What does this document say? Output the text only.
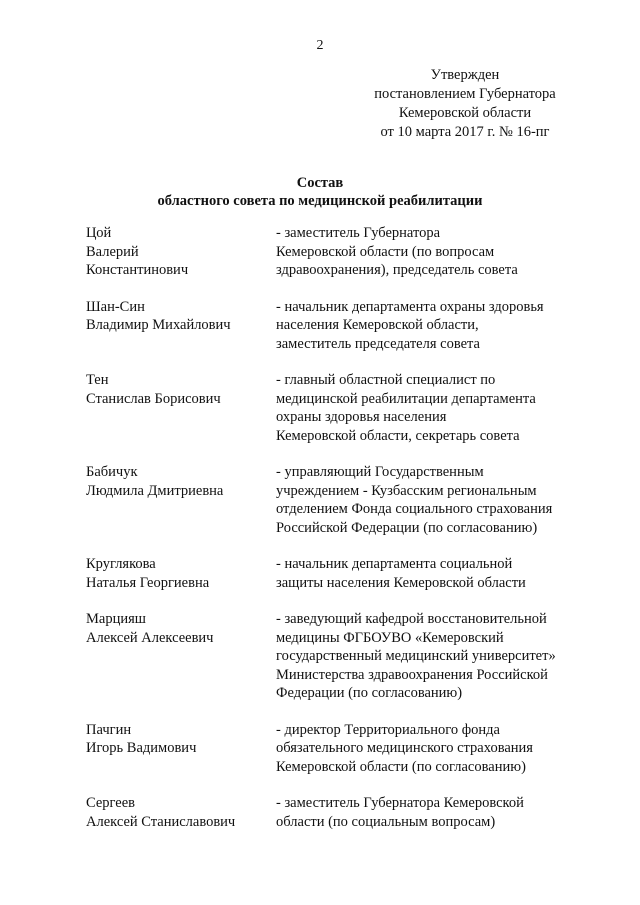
2
Утвержден
постановлением Губернатора
Кемеровской области
от 10 марта 2017 г. № 16-пг
Состав
областного совета по медицинской реабилитации
Цой
Валерий
Константинович
- заместитель Губернатора
Кемеровской области (по вопросам
здравоохранения), председатель совета
Шан-Син
Владимир Михайлович
- начальник департамента охраны здоровья
населения Кемеровской области,
заместитель председателя совета
Тен
Станислав Борисович
- главный областной специалист по
медицинской реабилитации департамента
охраны здоровья населения
Кемеровской области, секретарь совета
Бабичук
Людмила Дмитриевна
- управляющий Государственным
учреждением - Кузбасским региональным
отделением Фонда социального страхования
Российской Федерации (по согласованию)
Круглякова
Наталья Георгиевна
- начальник департамента социальной
защиты населения Кемеровской области
Марцияш
Алексей Алексеевич
- заведующий кафедрой восстановительной
медицины ФГБОУВО «Кемеровский
государственный медицинский университет»
Министерства здравоохранения Российской
Федерации (по согласованию)
Пачгин
Игорь Вадимович
- директор Территориального фонда
обязательного медицинского страхования
Кемеровской области (по согласованию)
Сергеев
Алексей Станиславович
- заместитель Губернатора Кемеровской
области (по социальным вопросам)
